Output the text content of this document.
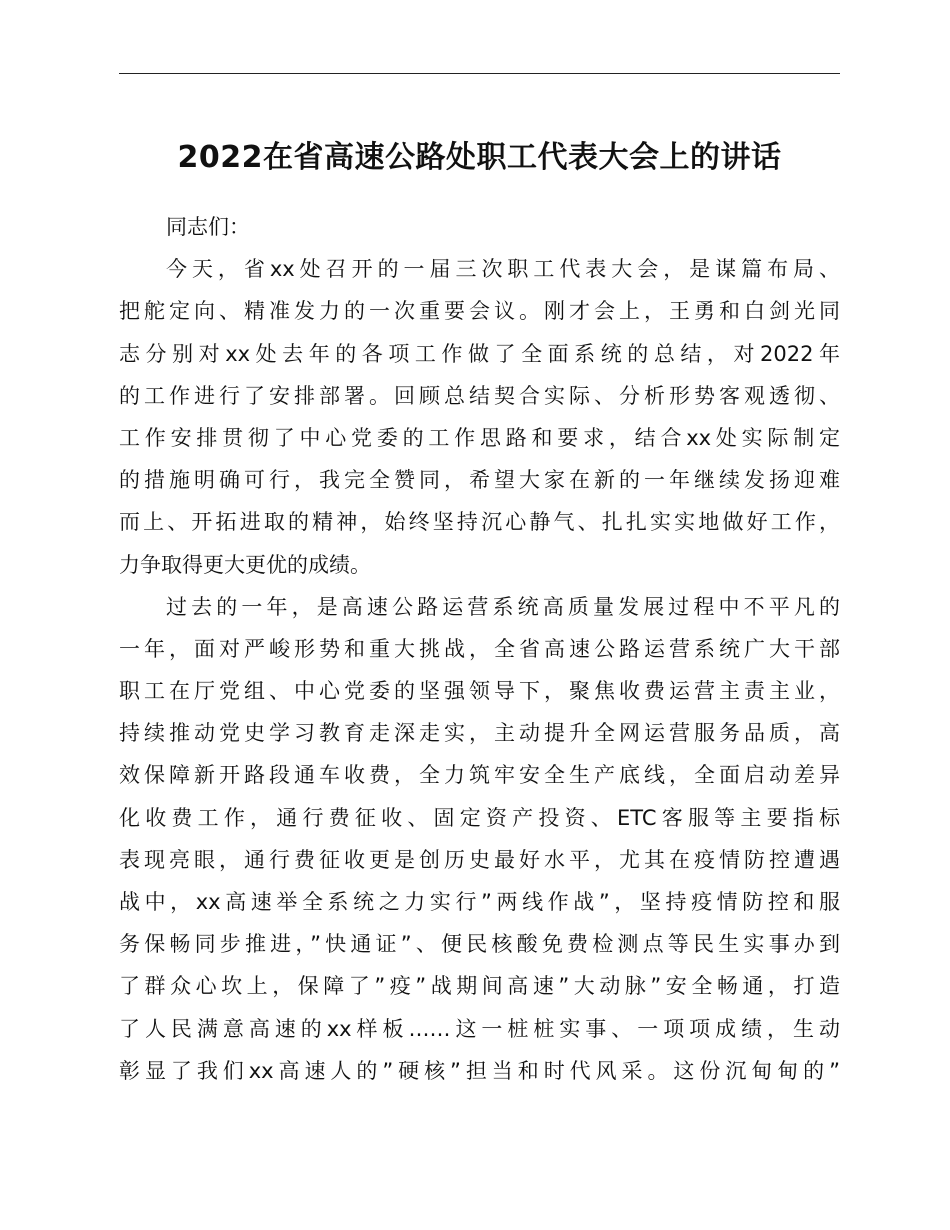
2022在省高速公路处职工代表大会上的讲话
同志们：
今天，省xx处召开的一届三次职工代表大会，是谋篇布局、
把舵定向、精准发力的一次重要会议。刚才会上，王勇和白剑光同
志分别对xx处去年的各项工作做了全面系统的总结，对2022年
的工作进行了安排部署。回顾总结契合实际、分析形势客观透彻、
工作安排贯彻了中心党委的工作思路和要求，结合xx处实际制定
的措施明确可行，我完全赞同，希望大家在新的一年继续发扬迎难
而上、开拓进取的精神，始终坚持沉心静气、扎扎实实地做好工作，
力争取得更大更优的成绩。
过去的一年，是高速公路运营系统高质量发展过程中不平凡的
一年，面对严峻形势和重大挑战，全省高速公路运营系统广大干部
职工在厅党组、中心党委的坚强领导下，聚焦收费运营主责主业，
持续推动党史学习教育走深走实，主动提升全网运营服务品质，高
效保障新开路段通车收费，全力筑牢安全生产底线，全面启动差异
化收费工作，通行费征收、固定资产投资、ETC客服等主要指标
表现亮眼，通行费征收更是创历史最好水平，尤其在疫情防控遭遇
战中，xx高速举全系统之力实行”两线作战”，坚持疫情防控和服
务保畅同步推进，”快通证”、便民核酸免费检测点等民生实事办到
了群众心坎上，保障了”疫”战期间高速”大动脉”安全畅通，打造
了人民满意高速的xx样板……这一桩桩实事、一项项成绩，生动
彰显了我们xx高速人的”硬核”担当和时代风采。这份沉甸甸的”
